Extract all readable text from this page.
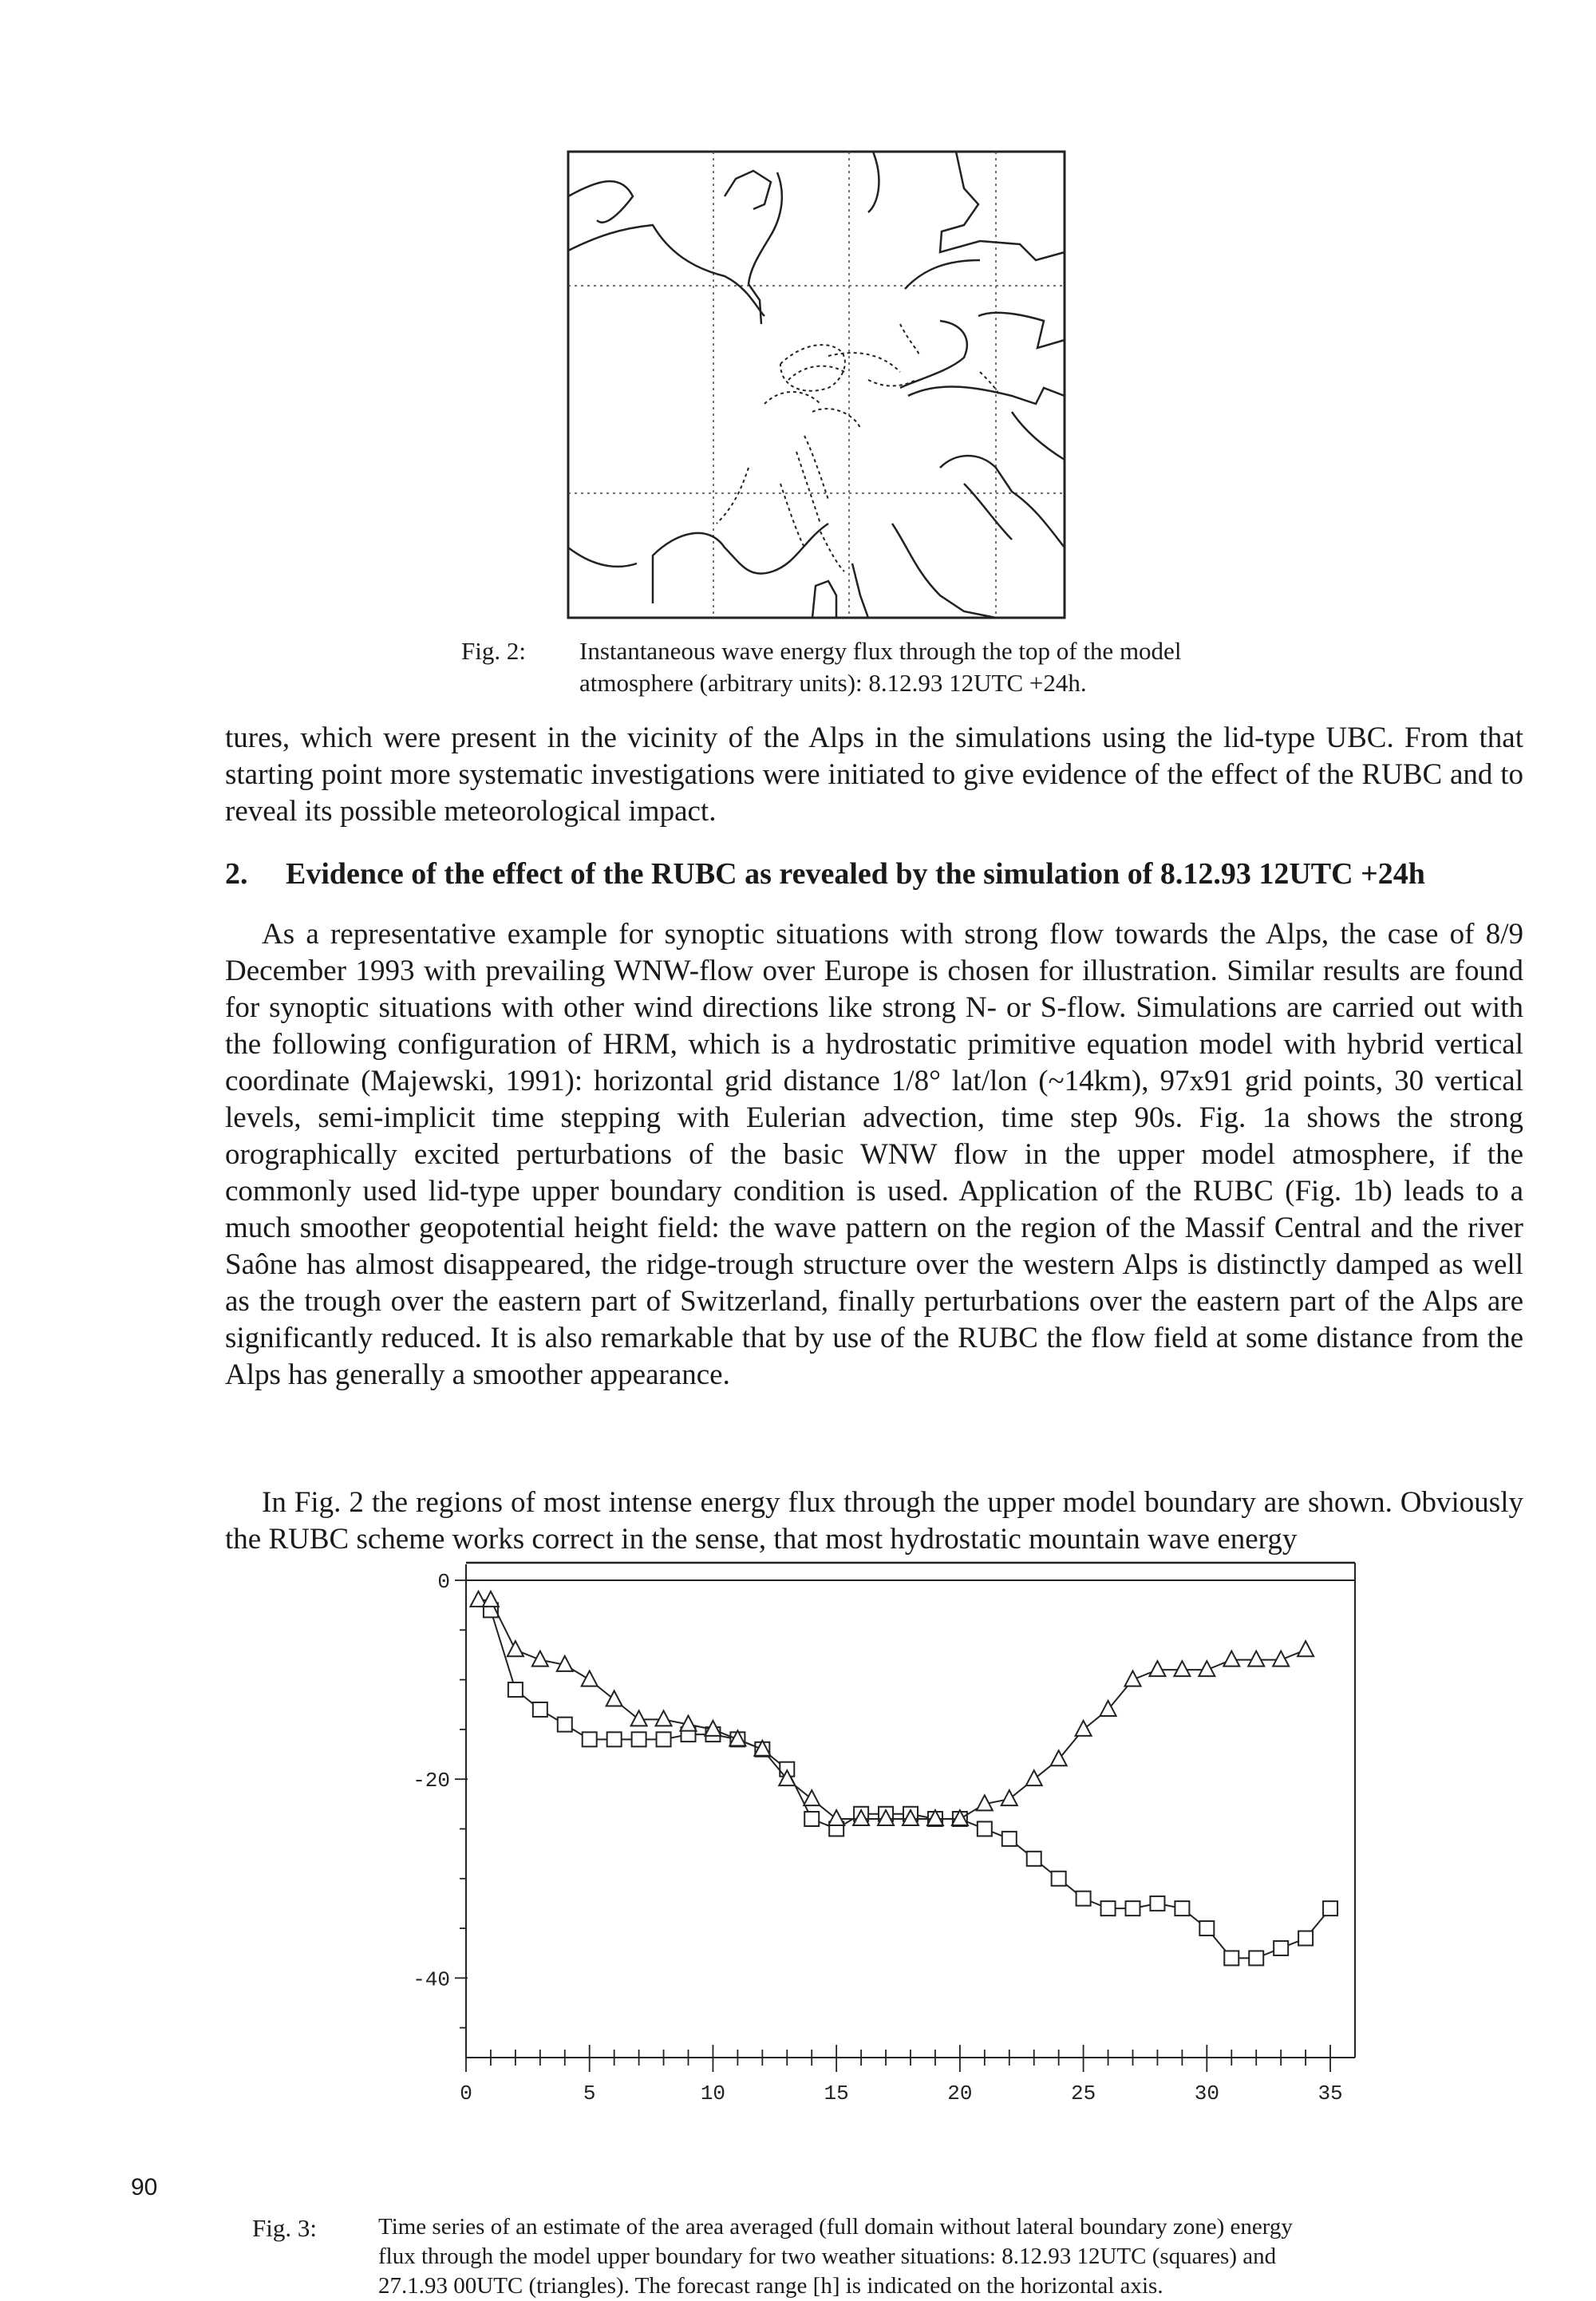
Fig. 2: Instantaneous wave energy flux through the top of the model
atmosphere (arbitrary units): 8.12.93 12UTC +24h.

tures, which were present in the vicinity of the Alps in the simulations using the lid-type UBC. From that starting point more systematic investigations were initiated to give evidence of the effect of the RUBC and to reveal its possible meteorological impact.

2. Evidence of the effect of the RUBC as revealed by the simulation of 8.12.93 12UTC +24h

As a representative example for synoptic situations with strong flow towards the Alps, the case of 8/9 December 1993 with prevailing WNW-flow over Europe is chosen for illustration. Similar results are found for synoptic situations with other wind directions like strong N- or S-flow. Simulations are carried out with the following configuration of HRM, which is a hydrostatic primitive equation model with hybrid vertical coordinate (Majewski, 1991): horizontal grid distance 1/8° lat/lon (~14km), 97x91 grid points, 30 vertical levels, semi-implicit time stepping with Eulerian advection, time step 90s. Fig. 1a shows the strong orographically excited perturbations of the basic WNW flow in the upper model atmosphere, if the commonly used lid-type upper boundary condition is used. Application of the RUBC (Fig. 1b) leads to a much smoother geopotential height field: the wave pattern on the region of the Massif Central and the river Saône has almost disappeared, the ridge-trough structure over the western Alps is distinctly damped as well as the trough over the eastern part of Switzerland, finally perturbations over the eastern part of the Alps are significantly reduced. It is also remarkable that by use of the RUBC the flow field at some distance from the Alps has generally a smoother appearance.

In Fig. 2 the regions of most intense energy flux through the upper model boundary are shown. Obviously the RUBC scheme works correct in the sense, that most hydrostatic mountain wave energy

0	5	10	15	20	25	30	35
0
-20
-40
Fig. 3:	Time series of an estimate of the area averaged (full domain without lateral boundary zone) energy
flux through the model upper boundary for two weather situations: 8.12.93 12UTC (squares) and
27.1.93 00UTC (triangles). The forecast range [h] is indicated on the horizontal axis.
90
